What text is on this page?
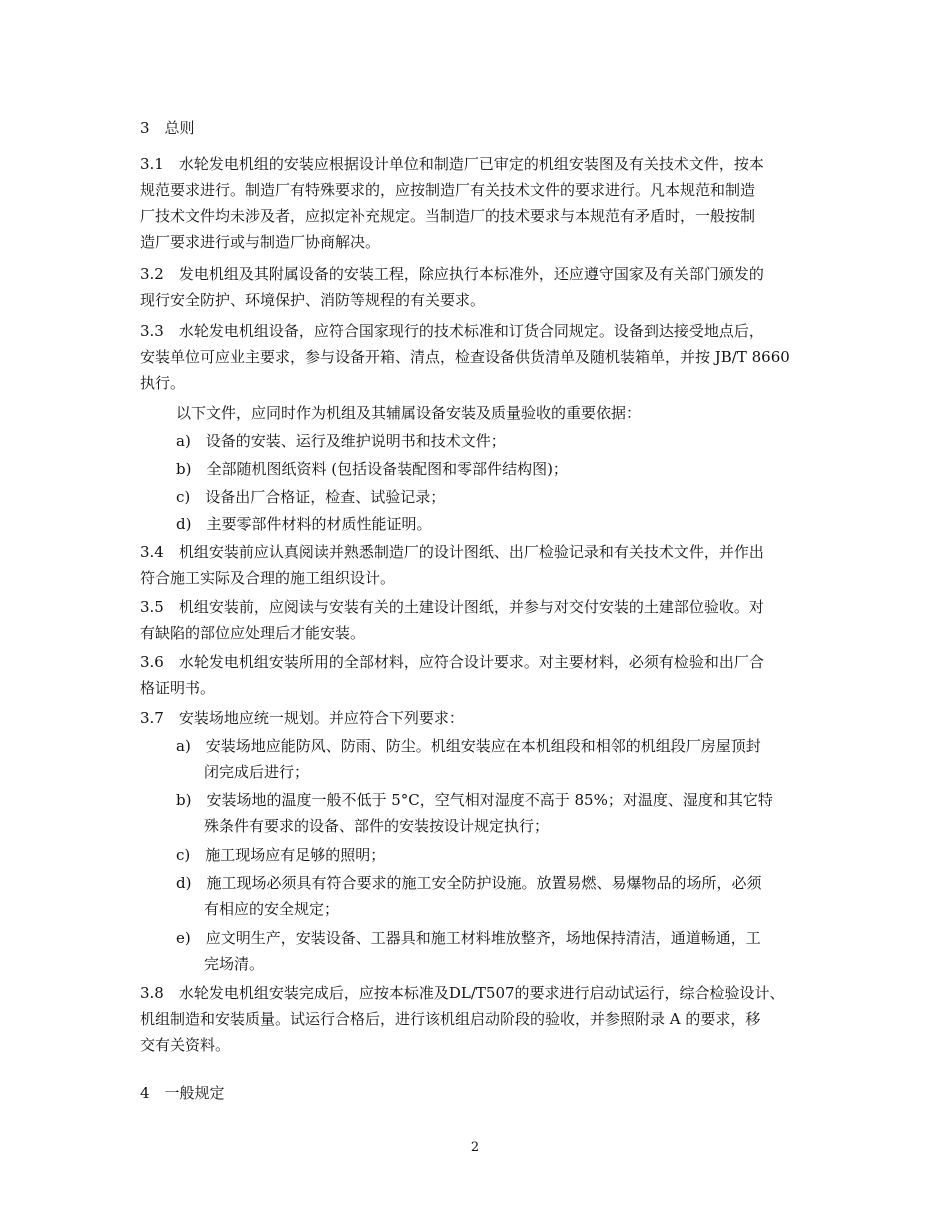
3　总则
3.1　水轮发电机组的安装应根据设计单位和制造厂已审定的机组安装图及有关技术文件，按本
规范要求进行。制造厂有特殊要求的，应按制造厂有关技术文件的要求进行。凡本规范和制造
厂技术文件均未涉及者，应拟定补充规定。当制造厂的技术要求与本规范有矛盾时，一般按制
造厂要求进行或与制造厂协商解决。
3.2　发电机组及其附属设备的安装工程，除应执行本标准外，还应遵守国家及有关部门颁发的
现行安全防护、环境保护、消防等规程的有关要求。
3.3　水轮发电机组设备，应符合国家现行的技术标准和订货合同规定。设备到达接受地点后，
安装单位可应业主要求，参与设备开箱、清点，检查设备供货清单及随机装箱单，并按 JB/T 8660
执行。
以下文件，应同时作为机组及其辅属设备安装及质量验收的重要依据：
a)　设备的安装、运行及维护说明书和技术文件；
b)　全部随机图纸资料 (包括设备装配图和零部件结构图)；
c)　设备出厂合格证，检查、试验记录；
d)　主要零部件材料的材质性能证明。
3.4　机组安装前应认真阅读并熟悉制造厂的设计图纸、出厂检验记录和有关技术文件，并作出
符合施工实际及合理的施工组织设计。
3.5　机组安装前，应阅读与安装有关的土建设计图纸，并参与对交付安装的土建部位验收。对
有缺陷的部位应处理后才能安装。
3.6　水轮发电机组安装所用的全部材料，应符合设计要求。对主要材料，必须有检验和出厂合
格证明书。
3.7　安装场地应统一规划。并应符合下列要求：
a)　安装场地应能防风、防雨、防尘。机组安装应在本机组段和相邻的机组段厂房屋顶封
闭完成后进行；
b)　安装场地的温度一般不低于 5°C，空气相对湿度不高于 85%；对温度、湿度和其它特
殊条件有要求的设备、部件的安装按设计规定执行；
c)　施工现场应有足够的照明；
d)　施工现场必须具有符合要求的施工安全防护设施。放置易燃、易爆物品的场所，必须
有相应的安全规定；
e)　应文明生产，安装设备、工器具和施工材料堆放整齐，场地保持清洁，通道畅通，工
完场清。
3.8　水轮发电机组安装完成后，应按本标准及DL/T507的要求进行启动试运行，综合检验设计、
机组制造和安装质量。试运行合格后，进行该机组启动阶段的验收，并参照附录 A 的要求，移
交有关资料。
4　一般规定
2
